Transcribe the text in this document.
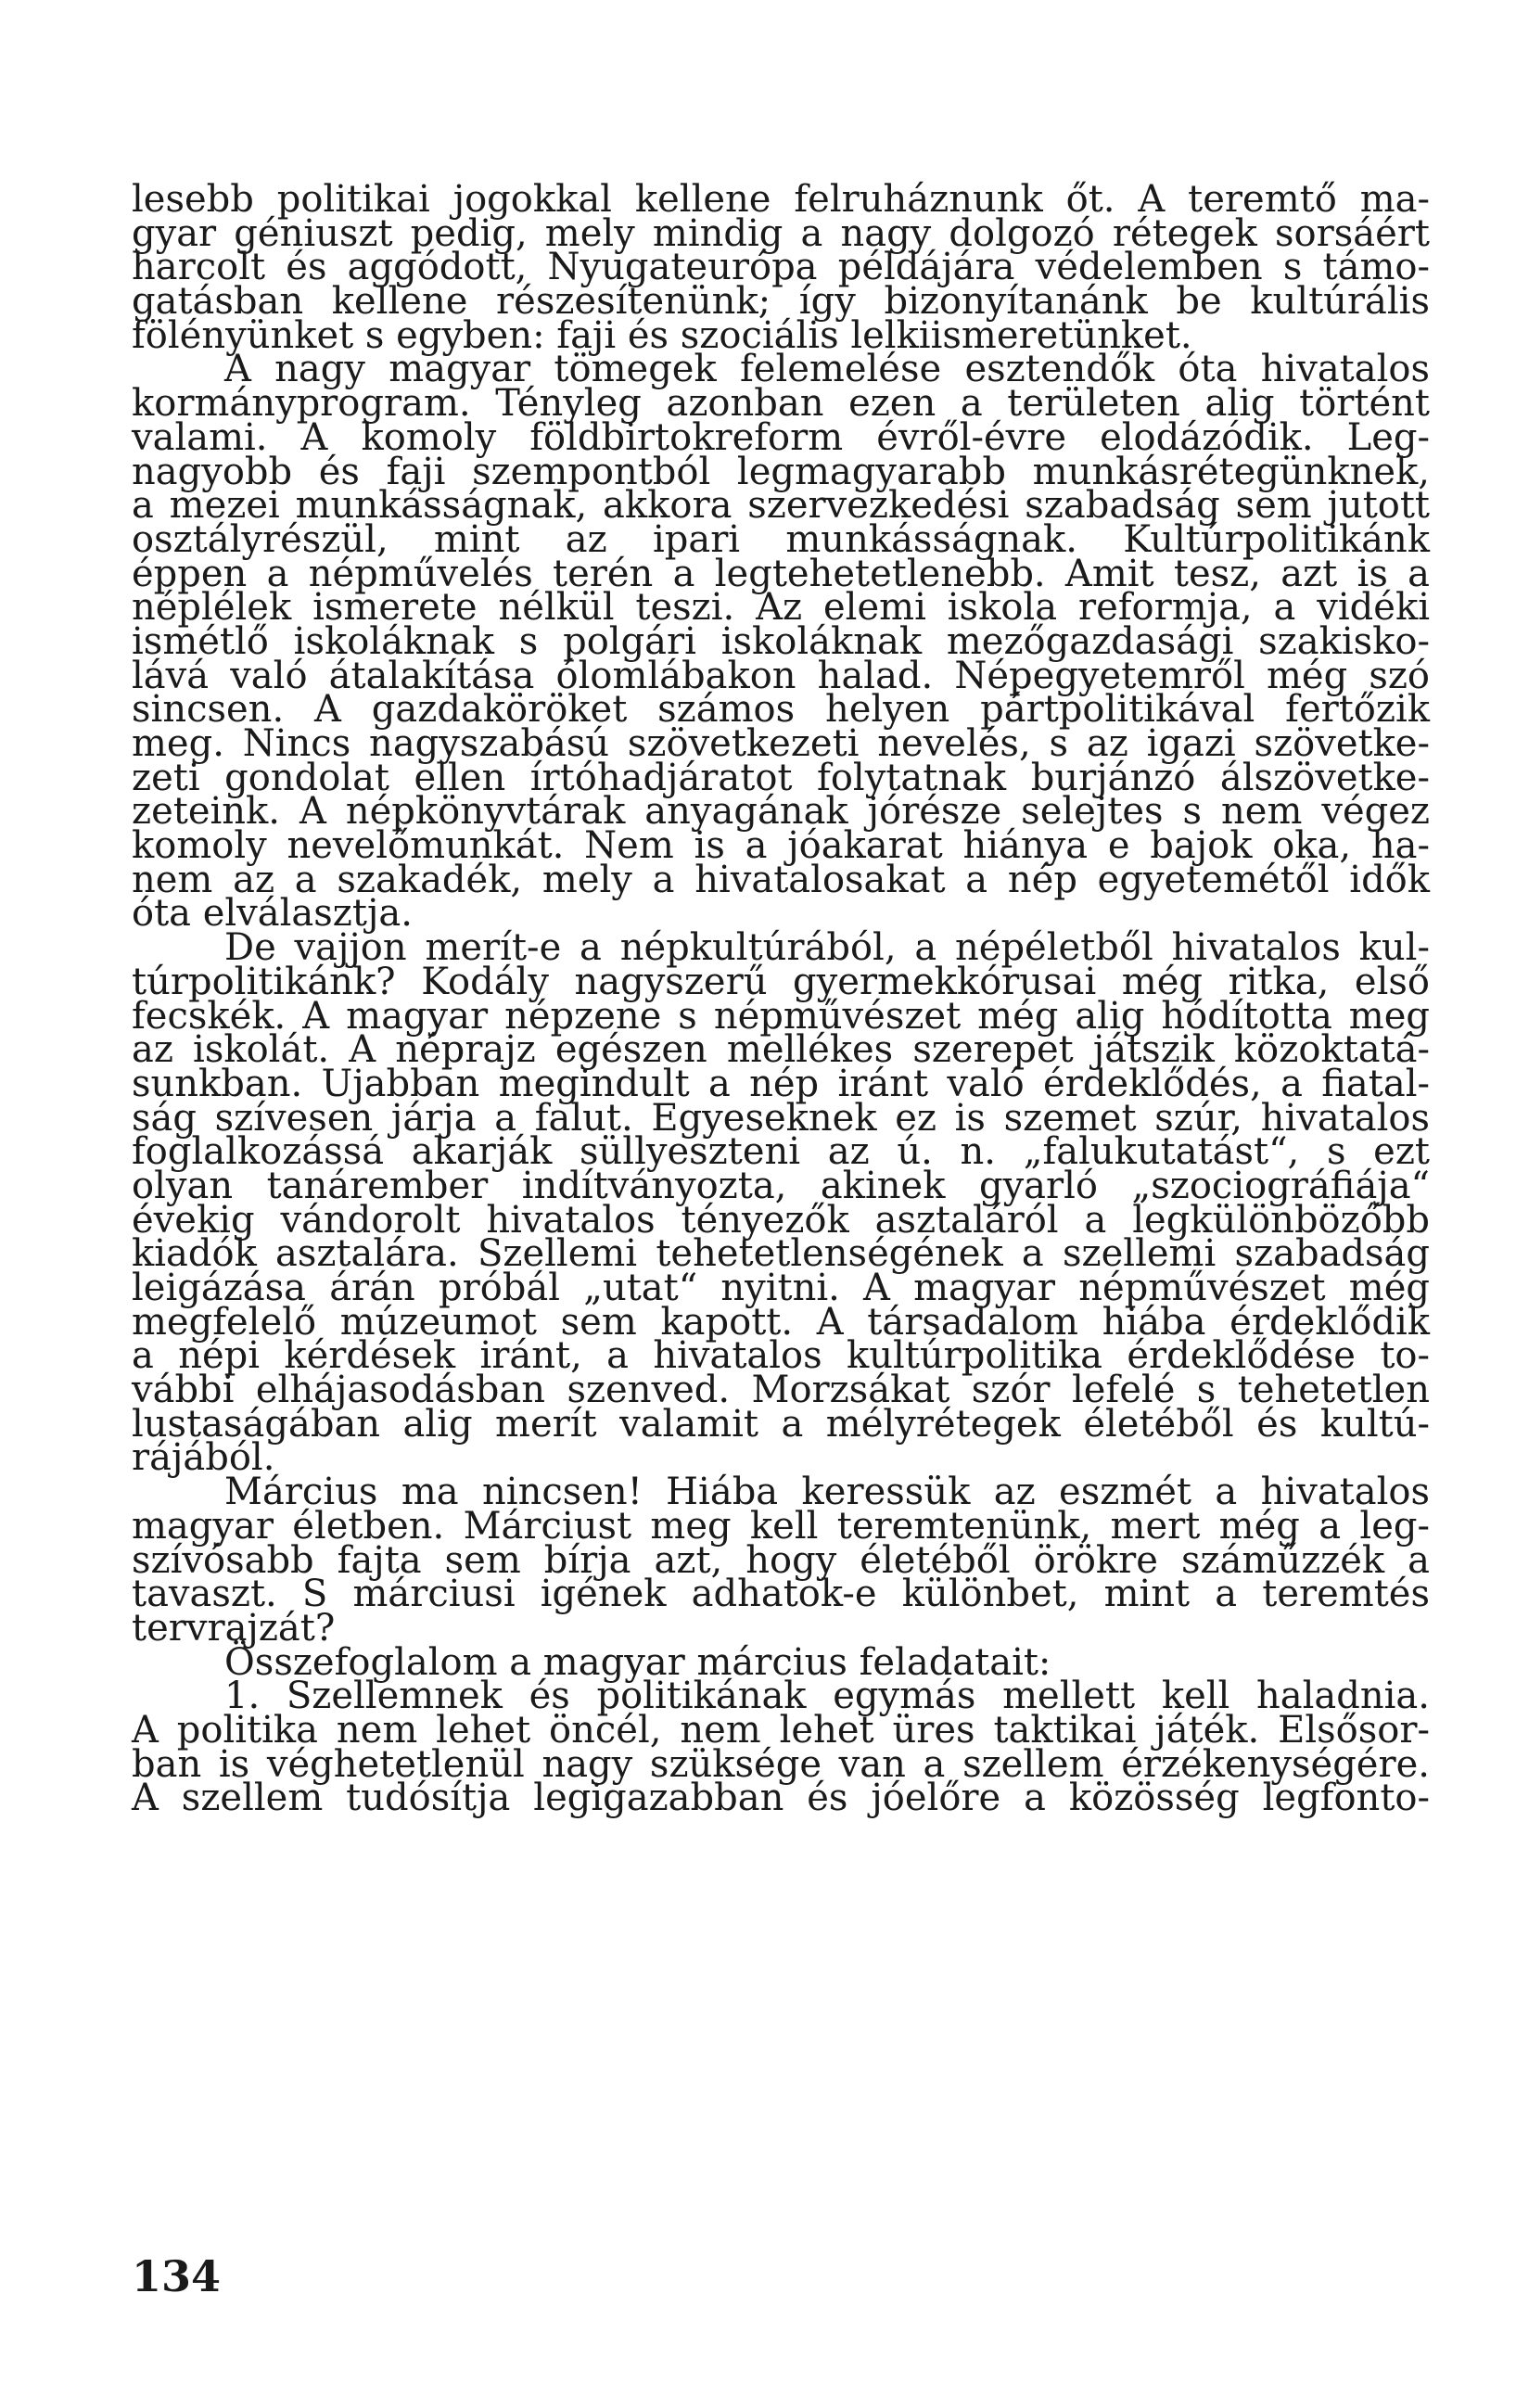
lesebb politikai jogokkal kellene felruháznunk őt. A teremtő ma-
gyar géniuszt pedig, mely mindig a nagy dolgozó rétegek sorsáért
harcolt és aggódott, Nyugateurópa példájára védelemben s támo-
gatásban kellene részesítenünk; így bizonyítanánk be kultúrális
fölényünket s egyben: faji és szociális lelkiismeretünket.
A nagy magyar tömegek felemelése esztendők óta hivatalos
kormányprogram. Tényleg azonban ezen a területen alig történt
valami. A komoly földbirtokreform évről-évre elodázódik. Leg-
nagyobb és faji szempontból legmagyarabb munkásrétegünknek,
a mezei munkásságnak, akkora szervezkedési szabadság sem jutott
osztályrészül, mint az ipari munkásságnak. Kultúrpolitikánk
éppen a népművelés terén a legtehetetlenebb. Amit tesz, azt is a
néplélek ismerete nélkül teszi. Az elemi iskola reformja, a vidéki
ismétlő iskoláknak s polgári iskoláknak mezőgazdasági szakisko-
lává való átalakítása ólomlábakon halad. Népegyetemről még szó
sincsen. A gazdaköröket számos helyen pártpolitikával fertőzik
meg. Nincs nagyszabású szövetkezeti nevelés, s az igazi szövetke-
zeti gondolat ellen írtóhadjáratot folytatnak burjánzó álszövetke-
zeteink. A népkönyvtárak anyagának jórésze selejtes s nem végez
komoly nevelőmunkát. Nem is a jóakarat hiánya e bajok oka, ha-
nem az a szakadék, mely a hivatalosakat a nép egyetemétől idők
óta elválasztja.
De vajjon merít-e a népkultúrából, a népéletből hivatalos kul-
túrpolitikánk? Kodály nagyszerű gyermekkórusai még ritka, első
fecskék. A magyar népzene s népművészet még alig hódította meg
az iskolát. A néprajz egészen mellékes szerepet játszik közoktatá-
sunkban. Ujabban megindult a nép iránt való érdeklődés, a fiatal-
ság szívesen járja a falut. Egyeseknek ez is szemet szúr, hivatalos
foglalkozássá akarják süllyeszteni az ú. n. „falukutatást“, s ezt
olyan tanárember indítványozta, akinek gyarló „szociográfiája“
évekig vándorolt hivatalos tényezők asztaláról a legkülönbözőbb
kiadók asztalára. Szellemi tehetetlenségének a szellemi szabadság
leigázása árán próbál „utat“ nyitni. A magyar népművészet még
megfelelő múzeumot sem kapott. A társadalom hiába érdeklődik
a népi kérdések iránt, a hivatalos kultúrpolitika érdeklődése to-
vábbi elhájasodásban szenved. Morzsákat szór lefelé s tehetetlen
lustaságában alig merít valamit a mélyrétegek életéből és kultú-
rájából.
Március ma nincsen! Hiába keressük az eszmét a hivatalos
magyar életben. Márciust meg kell teremtenünk, mert még a leg-
szívósabb fajta sem bírja azt, hogy életéből örökre száműzzék a
tavaszt. S márciusi igének adhatok-e különbet, mint a teremtés
tervrajzát?
Összefoglalom a magyar március feladatait:
1. Szellemnek és politikának egymás mellett kell haladnia.
A politika nem lehet öncél, nem lehet üres taktikai játék. Elsősor-
ban is véghetetlenül nagy szüksége van a szellem érzékenységére.
A szellem tudósítja legigazabban és jóelőre a közösség legfonto-
134
